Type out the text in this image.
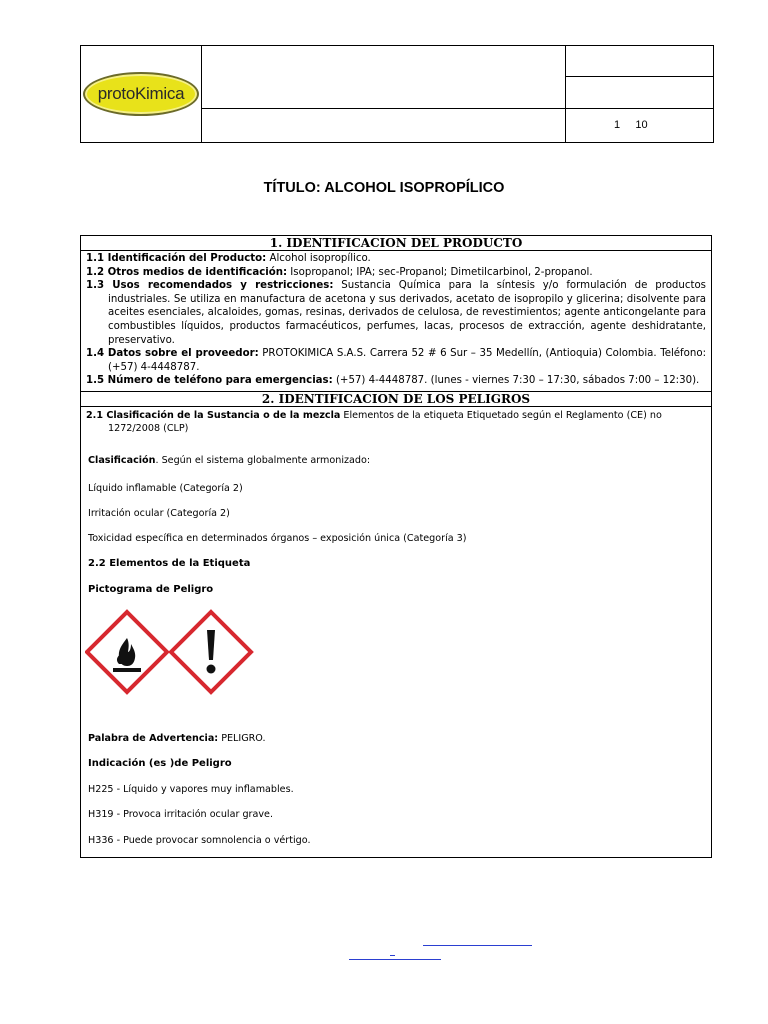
protoKimica		

		1 10
TÍTULO: ALCOHOL ISOPROPÍLICO
1. IDENTIFICACION DEL PRODUCTO
1.1 Identificación del Producto: Alcohol isopropílico.
1.2 Otros medios de identificación: Isopropanol; IPA; sec-Propanol; Dimetilcarbinol, 2-propanol.
1.3 Usos recomendados y restricciones: Sustancia Química para la síntesis y/o formulación de productos industriales. Se utiliza en manufactura de acetona y sus derivados, acetato de isopropilo y glicerina; disolvente para aceites esenciales, alcaloides, gomas, resinas, derivados de celulosa, de revestimientos; agente anticongelante para combustibles líquidos, productos farmacéuticos, perfumes, lacas, procesos de extracción, agente deshidratante, preservativo.
1.4 Datos sobre el proveedor: PROTOKIMICA S.A.S. Carrera 52 # 6 Sur – 35 Medellín, (Antioquia) Colombia. Teléfono: (+57) 4-4448787.
1.5 Número de teléfono para emergencias: (+57) 4-4448787. (lunes - viernes 7:30 – 17:30, sábados 7:00 – 12:30).
2. IDENTIFICACION DE LOS PELIGROS
2.1 Clasificación de la Sustancia o de la mezcla Elementos de la etiqueta Etiquetado según el Reglamento (CE) no 1272/2008 (CLP)

Clasificación. Según el sistema globalmente armonizado:

Líquido inflamable (Categoría 2)

Irritación ocular (Categoría 2)

Toxicidad específica en determinados órganos – exposición única (Categoría 3)

2.2 Elementos de la Etiqueta

Pictograma de Peligro

Palabra de Advertencia: PELIGRO.

Indicación (es )de Peligro

H225 - Líquido y vapores muy inflamables.

H319 - Provoca irritación ocular grave.

H336 - Puede provocar somnolencia o vértigo.
